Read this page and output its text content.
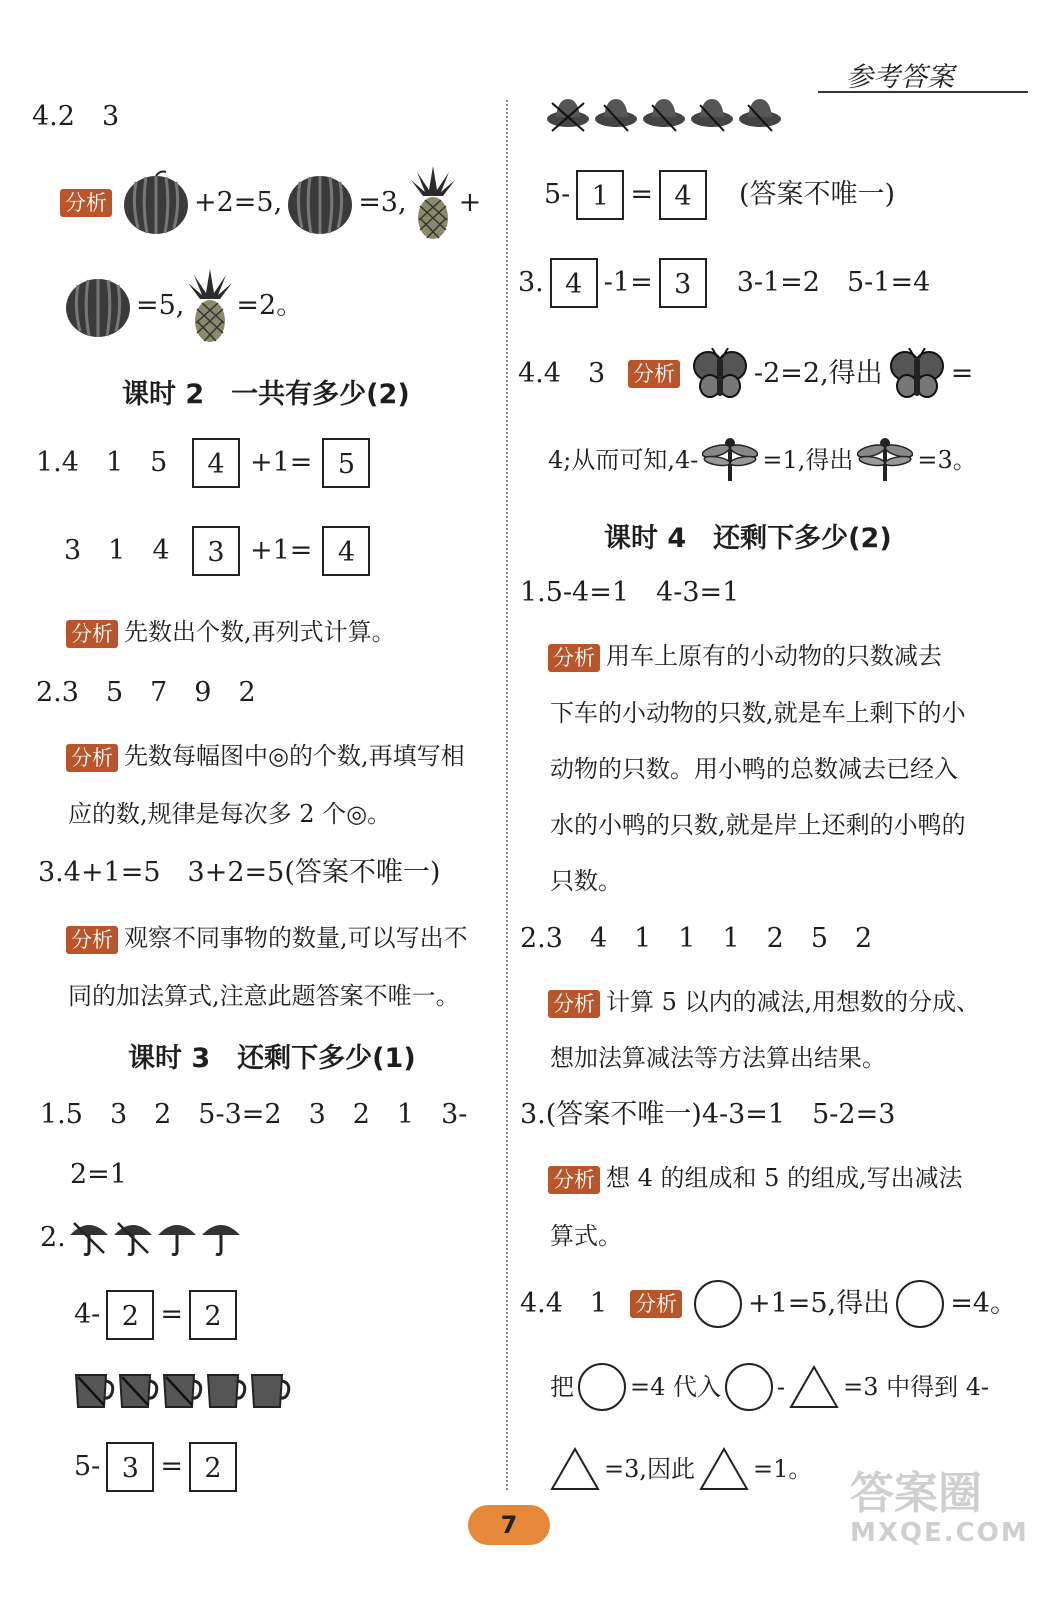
参考答案
4.2　3
分析	+2=5,	=3, +
=5, =2。
课时 2　一共有多少(2)
1.4　1　5	4 +1= 5
3　1　4	3 +1= 4
分析 先数出个数,再列式计算。
2.3　5　7　9　2
分析 先数每幅图中◎的个数,再填写相
应的数,规律是每次多 2 个◎。
3.4+1=5　3+2=5(答案不唯一)
分析 观察不同事物的数量,可以写出不
同的加法算式,注意此题答案不唯一。
课时 3　还剩下多少(1)
1.5　3　2　5-3=2　3　2　1　3-
2=1
2.
4- 2 = 2
5- 3 = 2
5- 1 = 4	(答案不唯一)
3. 4 -1= 3	3-1=2　5-1=4
4.4　3	分析	-2=2,得出	=
4;从而可知,4-	=1,得出	=3。
课时 4　还剩下多少(2)
1.5-4=1　4-3=1
分析 用车上原有的小动物的只数减去
下车的小动物的只数,就是车上剩下的小
动物的只数。用小鸭的总数减去已经入
水的小鸭的只数,就是岸上还剩的小鸭的
只数。
2.3　4　1　1　1　2　5　2
分析 计算 5 以内的减法,用想数的分成、
想加法算减法等方法算出结果。
3.(答案不唯一)4-3=1　5-2=3
分析 想 4 的组成和 5 的组成,写出减法
算式。
4.4　1	分析	+1=5,得出 =4。
把 =4 代入 - =3 中得到 4-
=3,因此 =1。
7
答案圈
MXQE.COM
